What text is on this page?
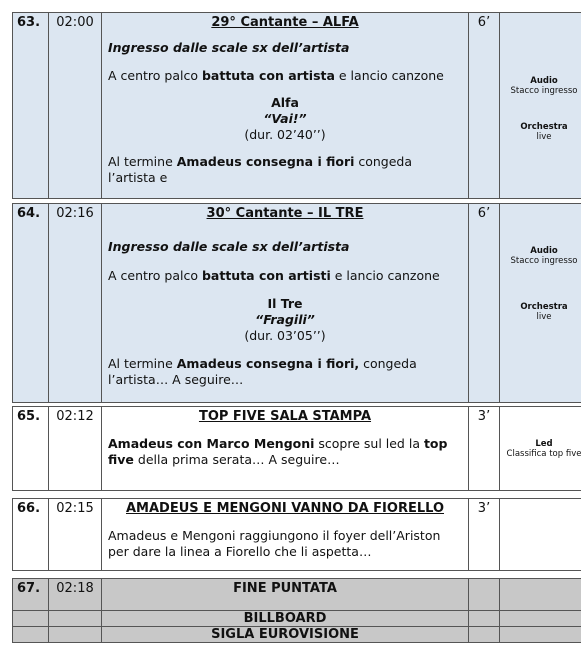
63.	02:00	29° Cantante – ALFA

Ingresso dalle scale sx dell’artista

A centro palco battuta con artista e lancio canzone

Alfa

“Vai!”

(dur. 02’40’’)

Al termine Amadeus consegna i fiori congeda l’artista e

	6’	
Audio
Stacco ingresso
Orchestra
live
64.	02:16	30° Cantante – IL TRE

Ingresso dalle scale sx dell’artista

A centro palco battuta con artisti e lancio canzone

Il Tre

“Fragili”

(dur. 03’05’’)

Al termine Amadeus consegna i fiori, congeda l’artista… A seguire…

	6’	
Audio
Stacco ingresso
Orchestra
live
65.	02:12	TOP FIVE SALA STAMPA

Amadeus con Marco Mengoni scopre sul led la top five della prima serata… A seguire…

	3’	
Led
Classifica top five
66.	02:15	AMADEUS E MENGONI VANNO DA FIORELLO

Amadeus e Mengoni raggiungono il foyer dell’Ariston per dare la linea a Fiorello che li aspetta…

	3’	
67.	02:18	FINE PUNTATA		

		BILLBOARD		

		SIGLA EUROVISIONE		
